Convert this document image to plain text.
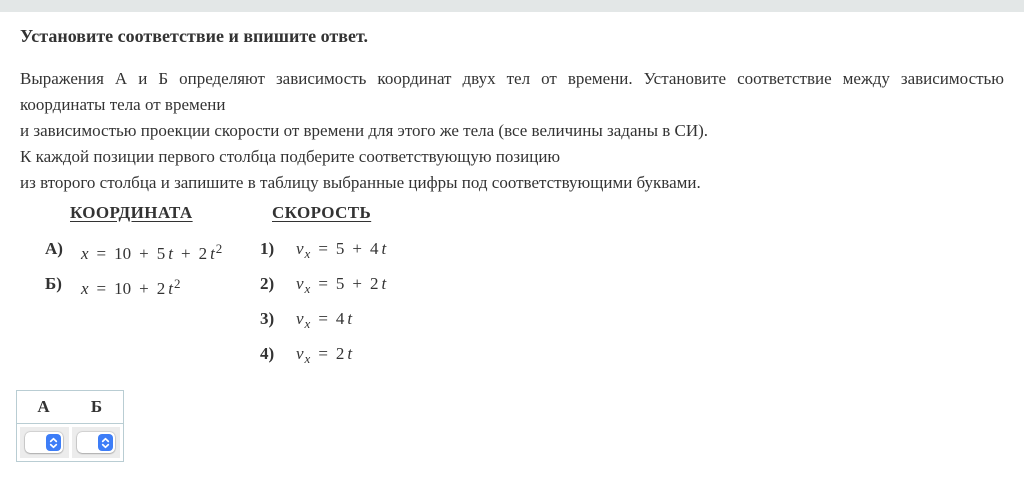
Установите соответствие и впишите ответ.
Выражения А и Б определяют зависимость координат двух тел от времени. Установите соответствие между зависимостью
координаты тела от времени
и зависимостью проекции скорости от времени для этого же тела (все величины заданы в СИ).
К каждой позиции первого столбца подберите соответствующую позицию
из второго столбца и запишите в таблицу выбранные цифры под соответствующими буквами.
КООРДИНАТА	СКОРОСТЬ
А) x = 10 + 5 t + 2 $t^2$
Б) x = 10 + 2 $t^2$
1)	$v_x = 5 + 4$ t
2)	$v_x = 5 + 2$ t
3)	$v_x = 4$ t
4)	$v_x = 2$ t
А	Б
